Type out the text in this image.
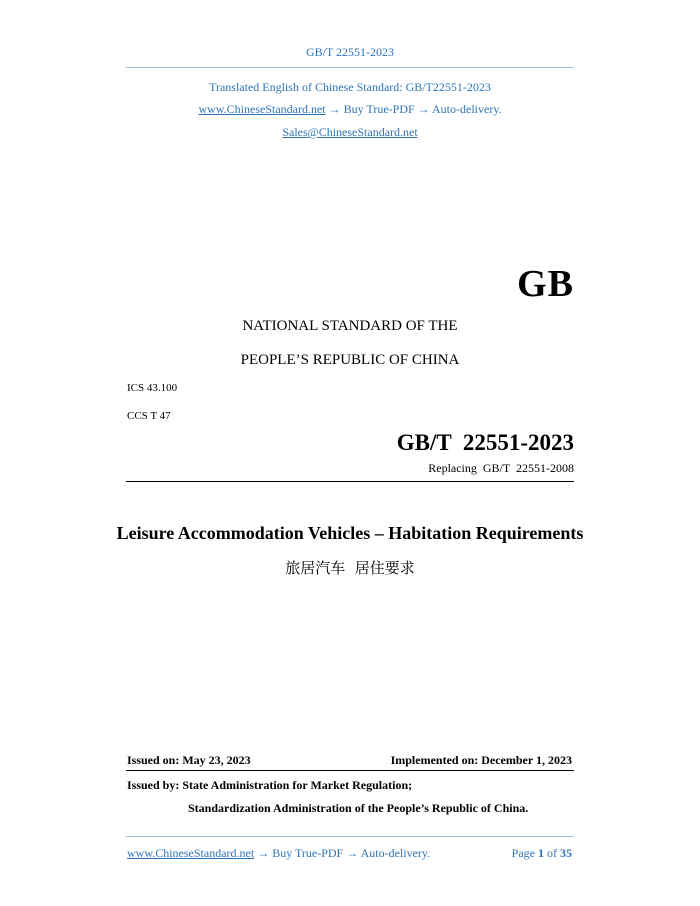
GB/T 22551-2023
Translated English of Chinese Standard: GB/T22551-2023
www.ChineseStandard.net → Buy True-PDF → Auto-delivery.
Sales@ChineseStandard.net
GB
NATIONAL STANDARD OF THE
PEOPLE’S REPUBLIC OF CHINA
ICS 43.100
CCS T 47
GB/T  22551-2023
Replacing  GB/T  22551-2008
Leisure Accommodation Vehicles – Habitation Requirements
旅居汽车  居住要求
Issued on: May 23, 2023	Implemented on: December 1, 2023
Issued by: State Administration for Market Regulation;
Standardization Administration of the People’s Republic of China.
www.ChineseStandard.net → Buy True-PDF → Auto-delivery.	Page 1 of 35
